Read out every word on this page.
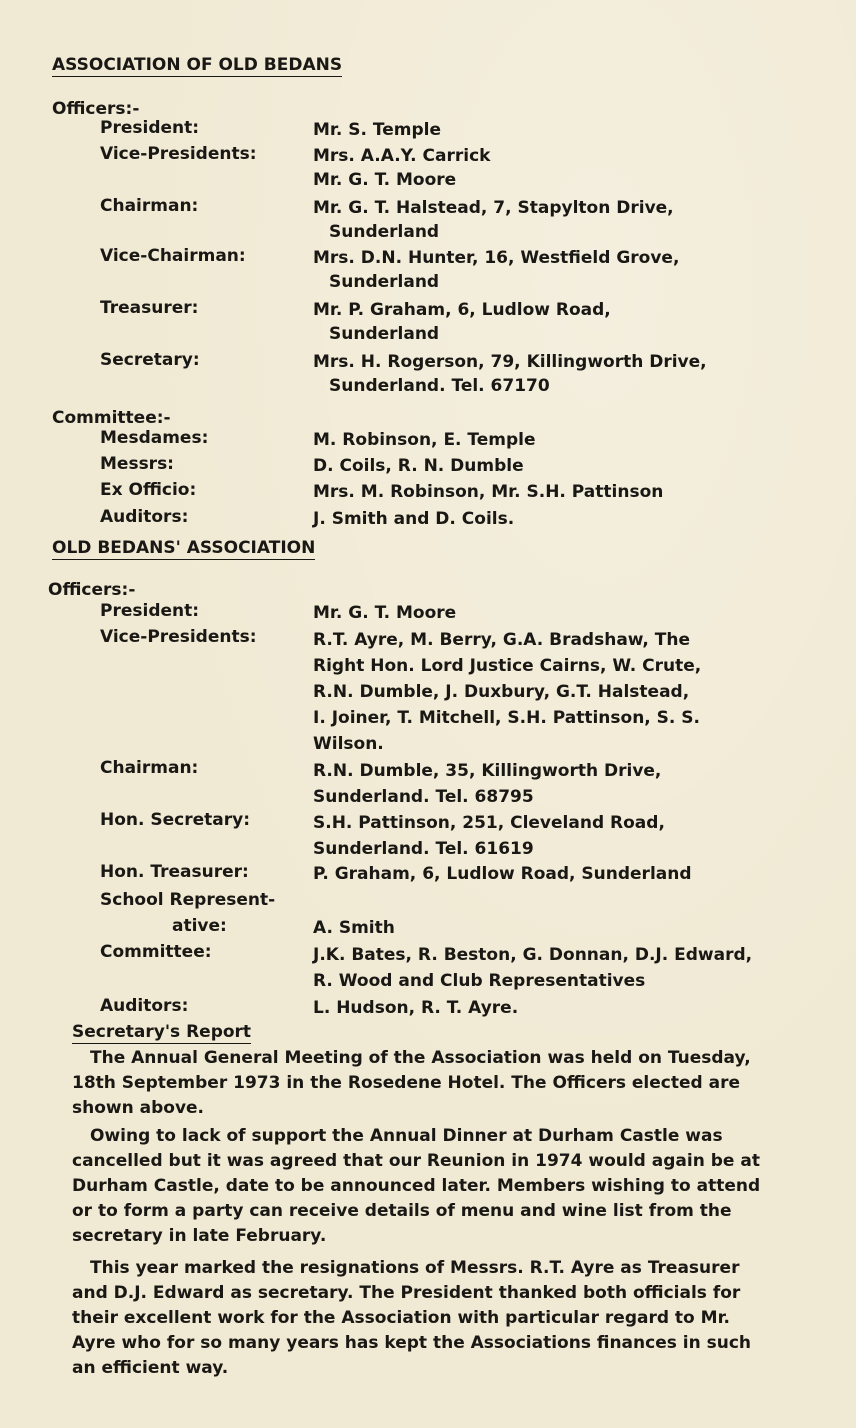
ASSOCIATION OF OLD BEDANS
Officers:-
President:	Mr. S. Temple
Vice-Presidents:	Mrs. A.A.Y. Carrick
Mr. G. T. Moore
Chairman:	Mr. G. T. Halstead, 7, Stapylton Drive,
Sunderland
Vice-Chairman:	Mrs. D.N. Hunter, 16, Westfield Grove,
Sunderland
Treasurer:	Mr. P. Graham, 6, Ludlow Road,
Sunderland
Secretary:	Mrs. H. Rogerson, 79, Killingworth Drive,
Sunderland. Tel. 67170
Committee:-
Mesdames:	M. Robinson, E. Temple
Messrs:	D. Coils, R. N. Dumble
Ex Officio:	Mrs. M. Robinson, Mr. S.H. Pattinson
Auditors:	J. Smith and D. Coils.
OLD BEDANS' ASSOCIATION
Officers:-
President:	Mr. G. T. Moore
Vice-Presidents:	R.T. Ayre, M. Berry, G.A. Bradshaw, The
Right Hon. Lord Justice Cairns, W. Crute,
R.N. Dumble, J. Duxbury, G.T. Halstead,
I. Joiner, T. Mitchell, S.H. Pattinson, S. S.
Wilson.
Chairman:	R.N. Dumble, 35, Killingworth Drive,
Sunderland. Tel. 68795
Hon. Secretary:	S.H. Pattinson, 251, Cleveland Road,
Sunderland. Tel. 61619
Hon. Treasurer:	P. Graham, 6, Ludlow Road, Sunderland
School Represent-
ative:	A. Smith
Committee:	J.K. Bates, R. Beston, G. Donnan, D.J. Edward,
R. Wood and Club Representatives
Auditors:	L. Hudson, R. T. Ayre.
Secretary's Report
The Annual General Meeting of the Association was held on Tuesday,
18th September 1973 in the Rosedene Hotel. The Officers elected are
shown above.
Owing to lack of support the Annual Dinner at Durham Castle was
cancelled but it was agreed that our Reunion in 1974 would again be at
Durham Castle, date to be announced later. Members wishing to attend
or to form a party can receive details of menu and wine list from the
secretary in late February.
This year marked the resignations of Messrs. R.T. Ayre as Treasurer
and D.J. Edward as secretary. The President thanked both officials for
their excellent work for the Association with particular regard to Mr.
Ayre who for so many years has kept the Associations finances in such
an efficient way.
